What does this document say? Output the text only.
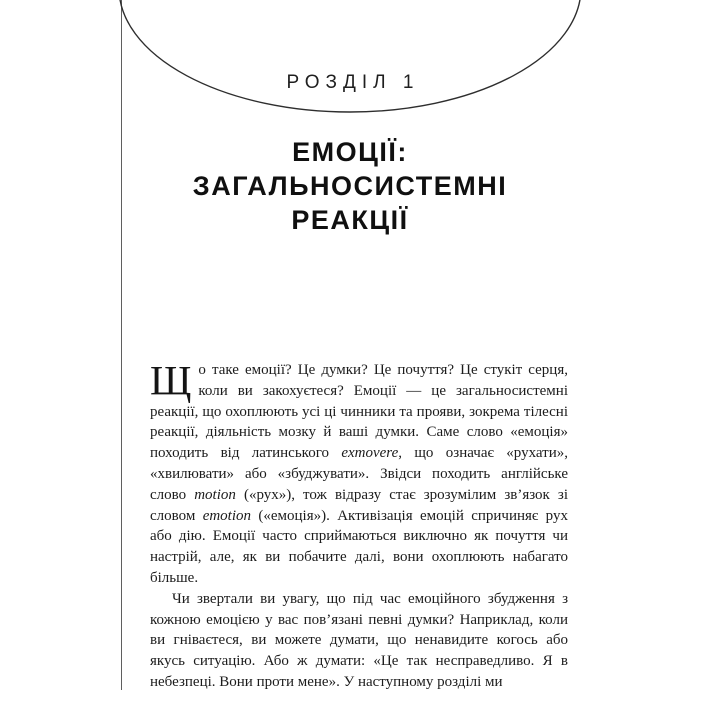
РОЗДІЛ 1
ЕМОЦІЇ:
ЗАГАЛЬНОСИСТЕМНІ
РЕАКЦІЇ

Що таке емоції? Це думки? Це почуття? Це стукіт серця, коли ви закохуєтеся? Емоції — це загальносистемні реакції, що охоплюють усі ці чинники та прояви, зокрема тілесні реакції, діяльність мозку й ваші думки. Саме слово «емоція» походить від латинського exmovere, що означає «рухати», «хвилювати» або «збуджувати». Звідси походить англійське слово motion («рух»), тож відразу стає зрозумілим зв’язок зі словом emotion («емоція»). Активізація емоцій спричиняє рух або дію. Емоції часто сприймаються виключно як почуття чи настрій, але, як ви побачите далі, вони охоплюють набагато більше.

Чи звертали ви увагу, що під час емоційного збудження з кожною емоцією у вас пов’язані певні думки? Наприклад, коли ви гніваєтеся, ви можете думати, що ненавидите когось або якусь ситуацію. Або ж думати: «Це так несправедливо. Я в небезпеці. Вони проти мене». У наступному розділі ми
